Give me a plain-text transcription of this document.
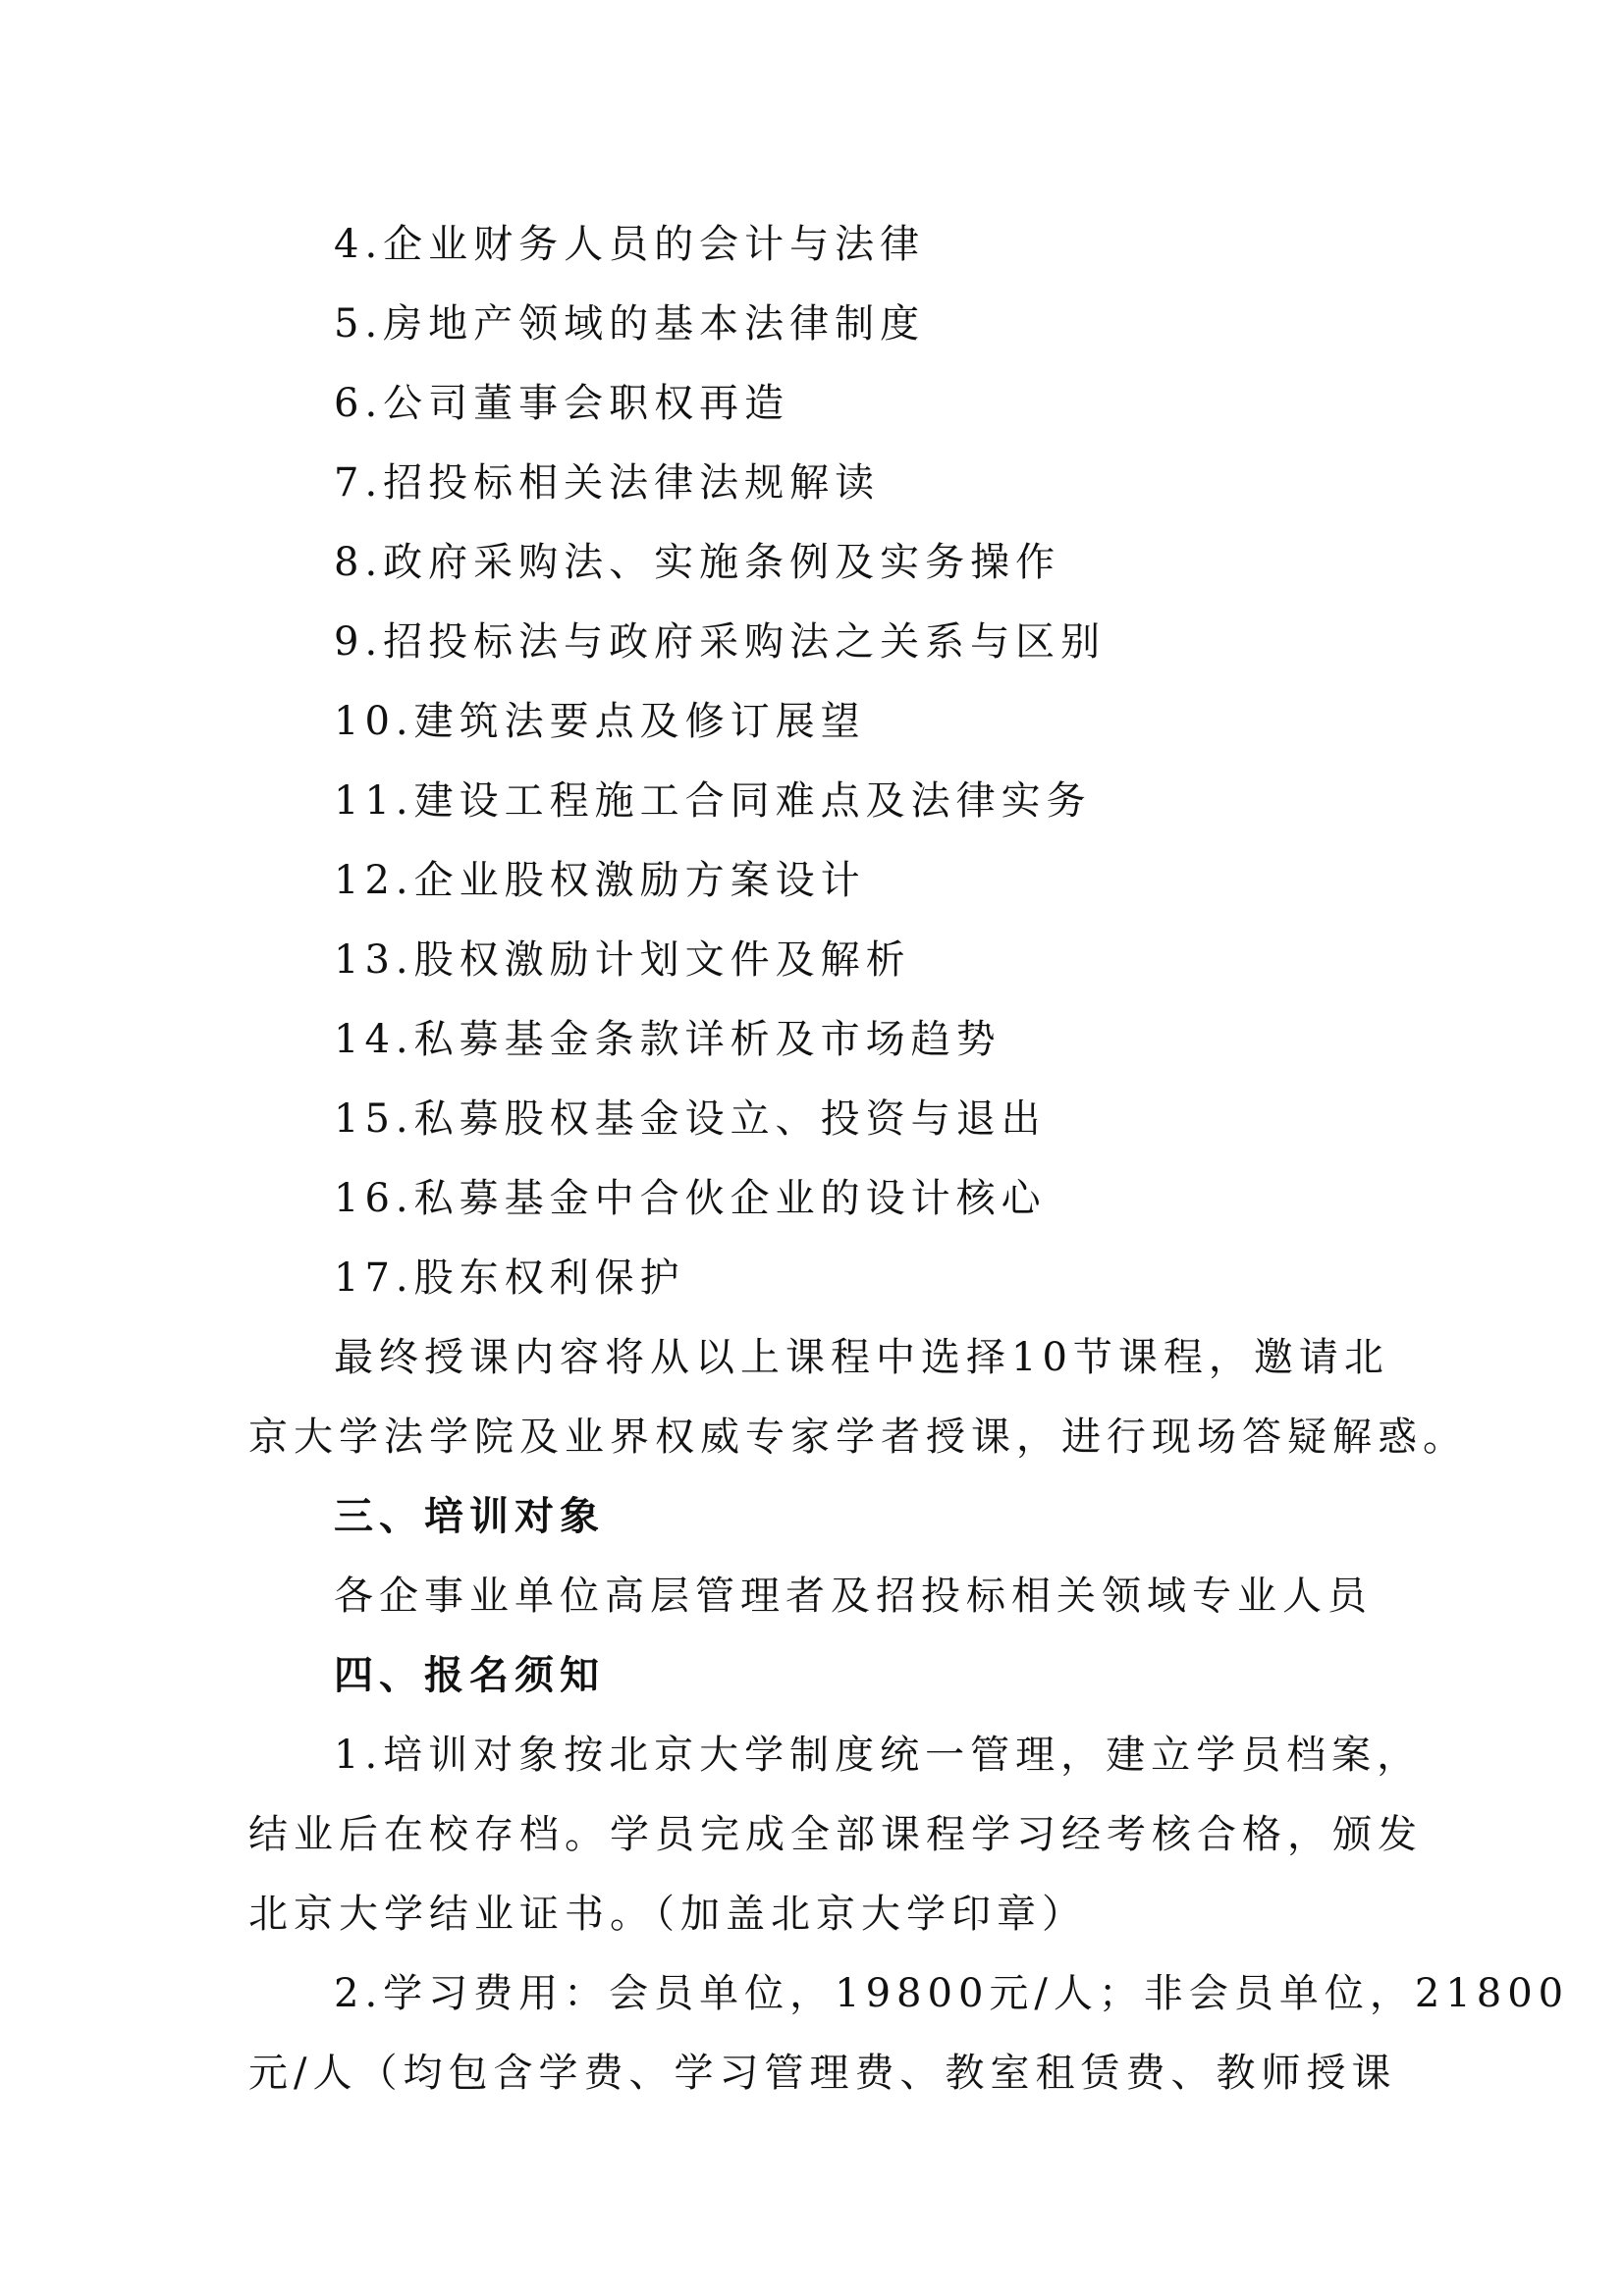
4.企业财务人员的会计与法律
5.房地产领域的基本法律制度
6.公司董事会职权再造
7.招投标相关法律法规解读
8.政府采购法、实施条例及实务操作
9.招投标法与政府采购法之关系与区别
10.建筑法要点及修订展望
11.建设工程施工合同难点及法律实务
12.企业股权激励方案设计
13.股权激励计划文件及解析
14.私募基金条款详析及市场趋势
15.私募股权基金设立、投资与退出
16.私募基金中合伙企业的设计核心
17.股东权利保护
最终授课内容将从以上课程中选择10节课程，邀请北
京大学法学院及业界权威专家学者授课，进行现场答疑解惑。
三、培训对象
各企事业单位高层管理者及招投标相关领域专业人员
四、报名须知
1.培训对象按北京大学制度统一管理，建立学员档案，
结业后在校存档。学员完成全部课程学习经考核合格，颁发
北京大学结业证书。（加盖北京大学印章）
2.学习费用：会员单位，19800元/人；非会员单位，21800
元/人（均包含学费、学习管理费、教室租赁费、教师授课
